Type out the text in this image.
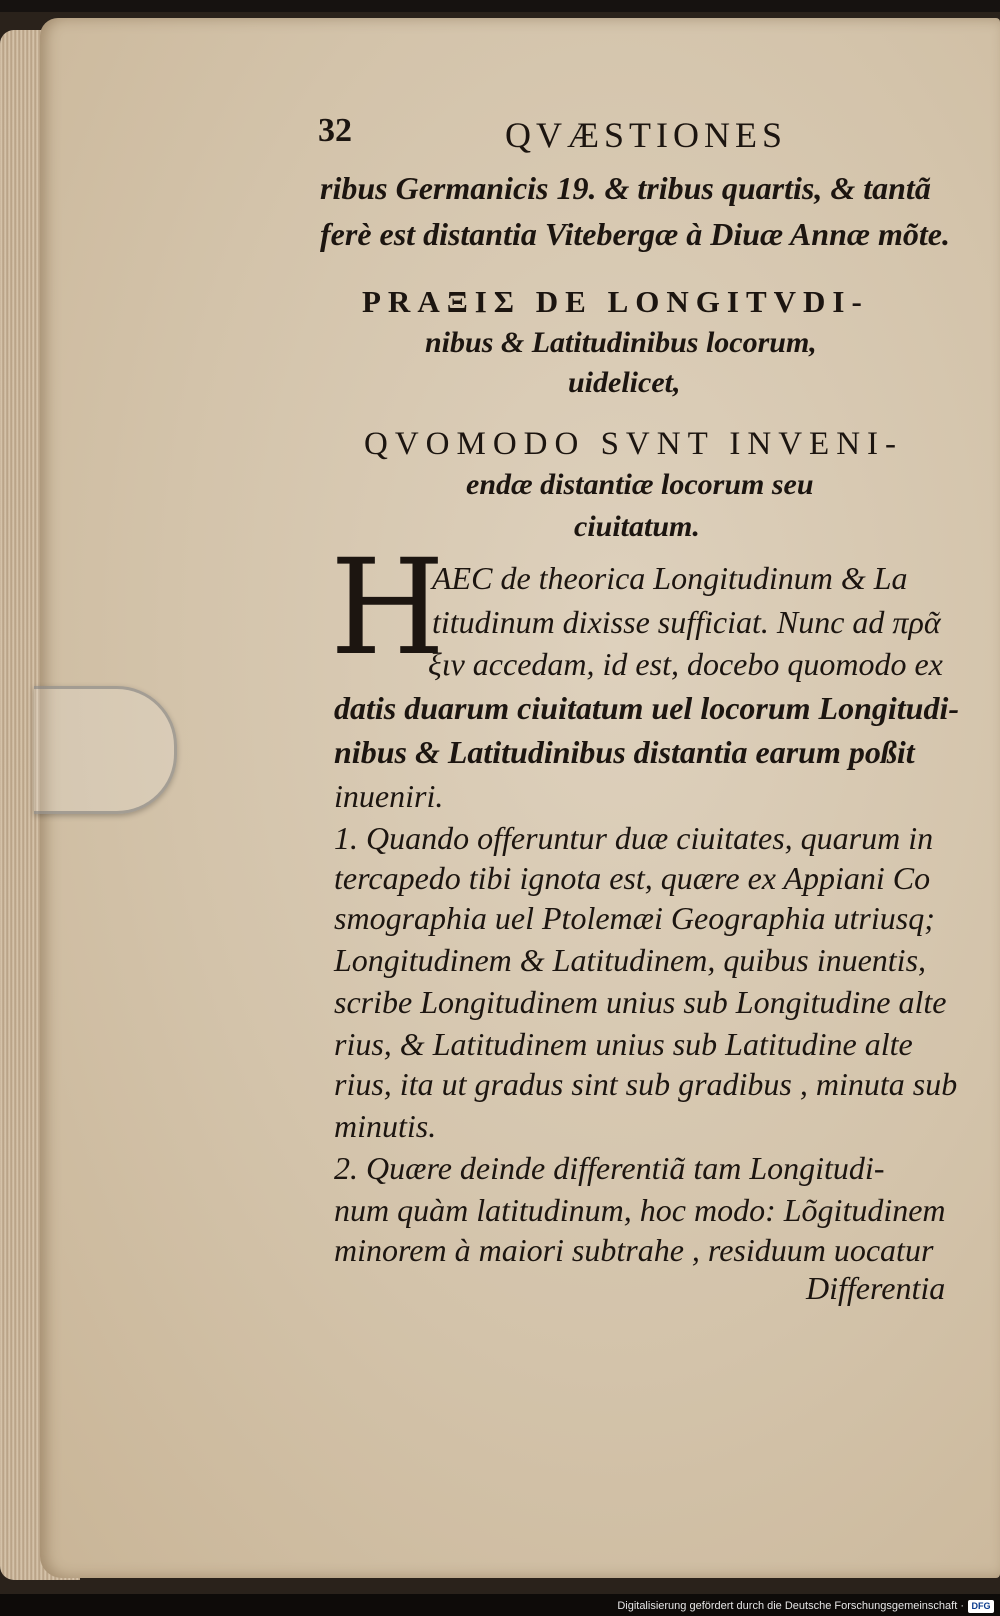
32	QVÆSTIONES
ribus Germanicis 19. & tribus quartis, & tantã
ferè est distantia Vitebergæ à Diuæ Annæ mõte.
PRAΞΙΣ DE LONGITVDI-
nibus & Latitudinibus locorum,
uidelicet,
QVOMODO SVNT INVENI-
endæ distantiæ locorum seu
ciuitatum.
H
AEC de theorica Longitudinum & La
titudinum dixisse sufficiat. Nunc ad πρᾶ
ξιν accedam, id est, docebo quomodo ex
datis duarum ciuitatum uel locorum Longitudi-
nibus & Latitudinibus distantia earum poßit
inueniri.
1. Quando offeruntur duæ ciuitates, quarum in
tercapedo tibi ignota est, quære ex Appiani Co
smographia uel Ptolemæi Geographia utriusq;
Longitudinem & Latitudinem, quibus inuentis,
scribe Longitudinem unius sub Longitudine alte
rius, & Latitudinem unius sub Latitudine alte
rius, ita ut gradus sint sub gradibus , minuta sub
minutis.
2. Quære deinde differentiã tam Longitudi-
num quàm latitudinum, hoc modo: Lõgitudinem
minorem à maiori subtrahe , residuum uocatur
Differentia
Digitalisierung gefördert durch die Deutsche Forschungsgemeinschaft · DFG
